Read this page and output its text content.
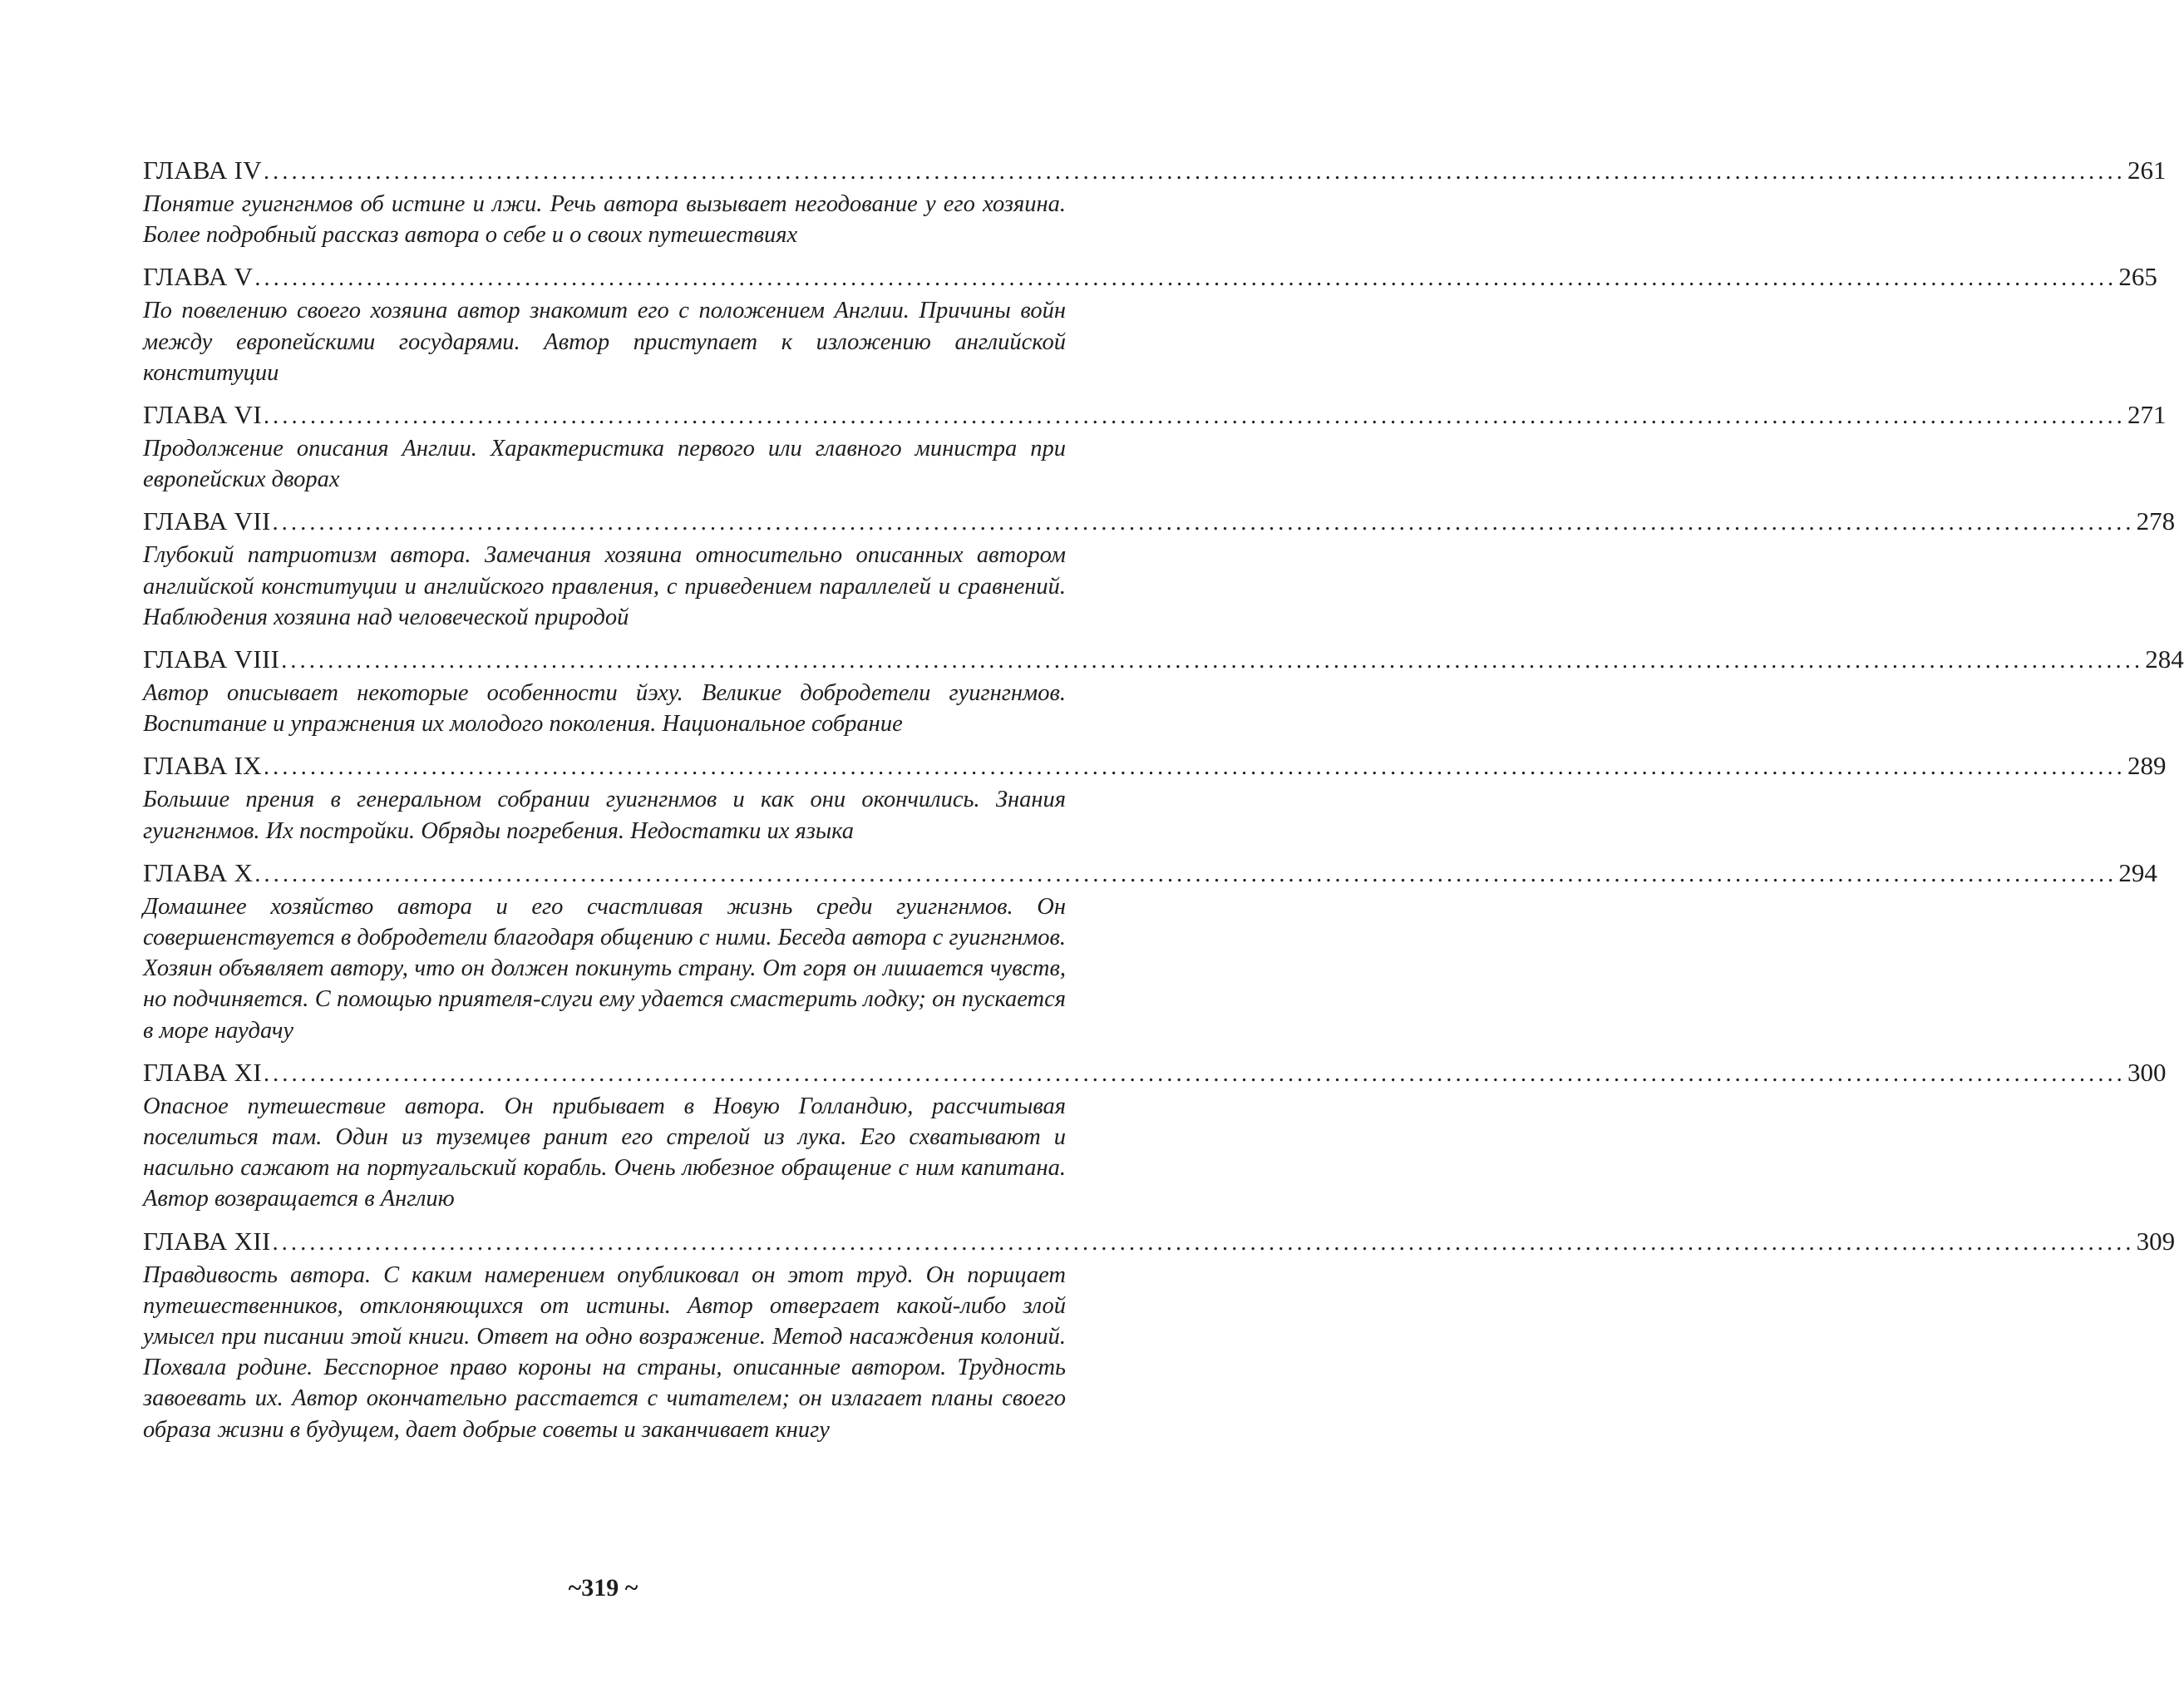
ГЛАВА IV ........................................................................................................................................................................................................ 261
Понятие гуигнгнмов об истине и лжи. Речь автора вызывает негодование у его хозяина. Более подробный рассказ автора о себе и о своих путешествиях
ГЛАВА V ........................................................................................................................................................................................................ 265
По повелению своего хозяина автор знакомит его с положением Англии. Причины войн между европейскими государями. Автор приступает к изложению английской конституции
ГЛАВА VI ........................................................................................................................................................................................................ 271
Продолжение описания Англии. Характеристика первого или главного министра при европейских дворах
ГЛАВА VII ........................................................................................................................................................................................................ 278
Глубокий патриотизм автора. Замечания хозяина относительно описанных автором английской конституции и английского правления, с приведением параллелей и сравнений. Наблюдения хозяина над человеческой природой
ГЛАВА VIII ........................................................................................................................................................................................................ 284
Автор описывает некоторые особенности йэху. Великие добродетели гуигнгнмов. Воспитание и упражнения их молодого поколения. Национальное собрание
ГЛАВА IX ........................................................................................................................................................................................................ 289
Большие прения в генеральном собрании гуигнгнмов и как они окончились. Знания гуигнгнмов. Их постройки. Обряды погребения. Недостатки их языка
ГЛАВА X ........................................................................................................................................................................................................ 294
Домашнее хозяйство автора и его счастливая жизнь среди гуигнгнмов. Он совершенствуется в добродетели благодаря общению с ними. Беседа автора с гуигнгнмов. Хозяин объявляет автору, что он должен покинуть страну. От горя он лишается чувств, но подчиняется. С помощью приятеля-слуги ему удается смастерить лодку; он пускается в море наудачу
ГЛАВА XI ........................................................................................................................................................................................................ 300
Опасное путешествие автора. Он прибывает в Новую Голландию, рассчитывая поселиться там. Один из туземцев ранит его стрелой из лука. Его схватывают и насильно сажают на португальский корабль. Очень любезное обращение с ним капитана. Автор возвращается в Англию
ГЛАВА XII ........................................................................................................................................................................................................ 309
Правдивость автора. С каким намерением опубликовал он этот труд. Он порицает путешественников, отклоняющихся от истины. Автор отвергает какой-либо злой умысел при писании этой книги. Ответ на одно возражение. Метод насаждения колоний. Похвала родине. Бесспорное право короны на страны, описанные автором. Трудность завоевать их. Автор окончательно расстается с читателем; он излагает планы своего образа жизни в будущем, дает добрые советы и заканчивает книгу
~319 ~
